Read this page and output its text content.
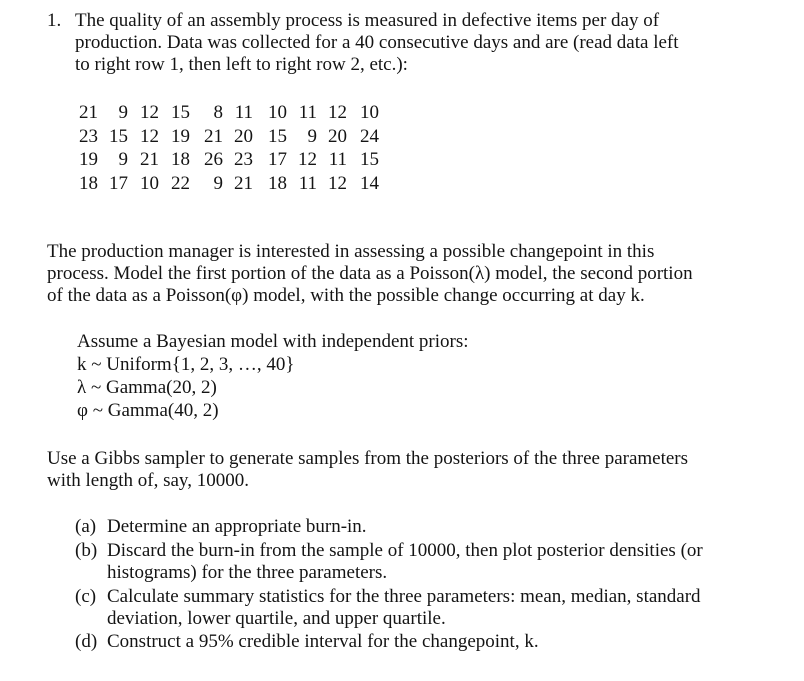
1. The quality of an assembly process is measured in defective items per day of
production. Data was collected for a 40 consecutive days and are (read data left
to right row 1, then left to right row 2, etc.):
21	9	12	15	8	11	10	11	12	10
23	15	12	19	21	20	15	9	20	24
19	9	21	18	26	23	17	12	11	15
18	17	10	22	9	21	18	11	12	14
The production manager is interested in assessing a possible changepoint in this
process. Model the first portion of the data as a Poisson(λ) model, the second portion
of the data as a Poisson(φ) model, with the possible change occurring at day k.
Assume a Bayesian model with independent priors:
k ~ Uniform{1, 2, 3, …, 40}
λ ~ Gamma(20, 2)
φ ~ Gamma(40, 2)
Use a Gibbs sampler to generate samples from the posteriors of the three parameters
with length of, say, 10000.
(a) Determine an appropriate burn-in.
(b) Discard the burn-in from the sample of 10000, then plot posterior densities (or
histograms) for the three parameters.
(c) Calculate summary statistics for the three parameters: mean, median, standard
deviation, lower quartile, and upper quartile.
(d) Construct a 95% credible interval for the changepoint, k.
